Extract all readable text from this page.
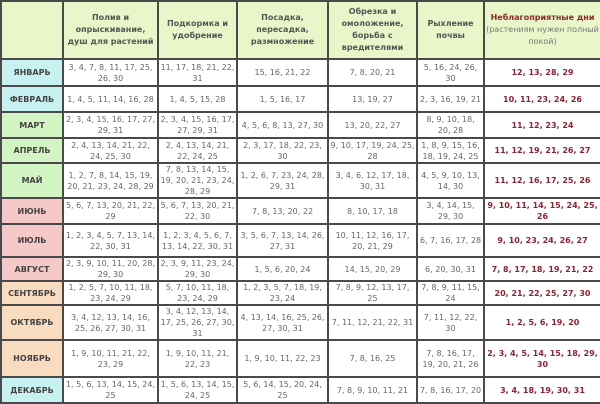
	Полив и опрыскивание, душ для растений	Подкормка и удобрение	Посадка, пересадка, размножение	Обрезка и омоложение, борьба с вредителями	Рыхление почвы	Неблагоприятные дни
(растениям нужен полный покой)

ЯНВАРЬ	3, 4, 7, 8, 11, 17, 25, 26, 30	11, 17, 18, 21, 22, 31	15, 16, 21, 22	7, 8, 20, 21	5, 16, 24, 26, 30	12, 13, 28, 29
ФЕВРАЛЬ	1, 4, 5, 11, 14, 16, 28	1, 4, 5, 15, 28	1, 5, 16, 17	13, 19, 27	2, 3, 16, 19, 21	10, 11, 23, 24, 26
МАРТ	2, 3, 4, 15, 16, 17, 27, 29, 31	2, 3, 4, 15, 16, 17, 27, 29, 31	4, 5, 6, 8, 13, 27, 30	13, 20, 22, 27	8, 9, 10, 18, 20, 28	11, 12, 23, 24
АПРЕЛЬ	2, 4, 13, 14, 21, 22, 24, 25, 30	2, 4, 13, 14, 21, 22, 24, 25	2, 3, 17, 18, 22, 23, 30	9, 10, 17, 19, 24, 25, 28	1, 8, 9, 15, 16, 18, 19, 24, 25	11, 12, 19, 21, 26, 27
МАЙ	1, 2, 7, 8, 14, 15, 19, 20, 21, 23, 24, 28, 29	7, 8, 13, 14, 15, 19, 20, 21, 23, 24, 28, 29	1, 2, 6, 7, 23, 24, 28, 29, 31	3, 4, 6, 12, 17, 18, 30, 31	4, 5, 9, 10, 13, 14, 30	11, 12, 16, 17, 25, 26
ИЮНЬ	5, 6, 7, 13, 20, 21, 22, 29	5, 6, 7, 13, 20, 21, 22, 30	7, 8, 13, 20, 22	8, 10, 17, 18	3, 4, 14, 15, 29, 30	9, 10, 11, 14, 15, 24, 25, 26
ИЮЛЬ	1, 2, 3, 4, 5, 7, 13, 14, 22, 30, 31	1, 2, 3, 4, 5, 6, 7, 13, 14, 22, 30, 31	3, 5, 6, 7, 13, 14, 26, 27, 31	10, 11, 12, 16, 17, 20, 21, 29	6, 7, 16, 17, 28	9, 10, 23, 24, 26, 27
АВГУСТ	2, 3, 9, 10, 11, 20, 28, 29, 30	2, 3, 9, 11, 23, 24, 29, 30	1, 5, 6, 20, 24	14, 15, 20, 29	6, 20, 30, 31	7, 8, 17, 18, 19, 21, 22
СЕНТЯБРЬ	1, 2, 5, 7, 10, 11, 18, 23, 24, 29	5, 7, 10, 11, 18, 23, 24, 29	1, 2, 3, 5, 7, 18, 19, 23, 24	7, 8, 9, 12, 13, 17, 25	7, 8, 9, 11, 15, 24	20, 21, 22, 25, 27, 30
ОКТЯБРЬ	3, 4, 12, 13, 14, 16, 25, 26, 27, 30, 31	3, 4, 12, 13, 14, 17, 25, 26, 27, 30, 31	4, 13, 14, 16, 25, 26, 27, 30, 31	7, 11, 12, 21, 22, 31	7, 11, 12, 22, 30	1, 2, 5, 6, 19, 20
НОЯБРЬ	1, 9, 10, 11, 21, 22, 23, 29	1, 9, 10, 11, 21, 22, 23	1, 9, 10, 11, 22, 23	7, 8, 16, 25	7, 8, 16, 17, 19, 20, 21, 26	2, 3, 4, 5, 14, 15, 18, 29, 30
ДЕКАБРЬ	1, 5, 6, 13, 14, 15, 24, 25	1, 5, 6, 13, 14, 15, 24, 25	5, 6, 14, 15, 20, 24, 25	7, 8, 9, 10, 11, 21	7, 8, 16, 17, 20	3, 4, 18, 19, 30, 31
